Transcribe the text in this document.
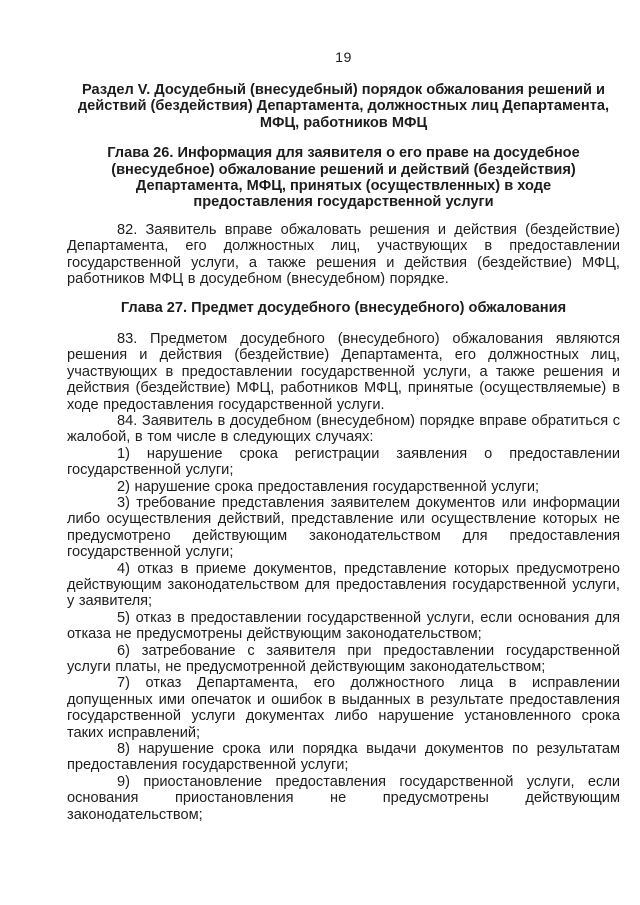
19

Раздел V. Досудебный (внесудебный) порядок обжалования решений и действий (бездействия) Департамента, должностных лиц Департамента, МФЦ, работников МФЦ

Глава 26. Информация для заявителя о его праве на досудебное (внесудебное) обжалование решений и действий (бездействия) Департамента, МФЦ, принятых (осуществленных) в ходе предоставления государственной услуги

82. Заявитель вправе обжаловать решения и действия (бездействие) Департамента, его должностных лиц, участвующих в предоставлении государственной услуги, а также решения и действия (бездействие) МФЦ, работников МФЦ в досудебном (внесудебном) порядке.

Глава 27. Предмет досудебного (внесудебного) обжалования

83. Предметом досудебного (внесудебного) обжалования являются решения и действия (бездействие) Департамента, его должностных лиц, участвующих в предоставлении государственной услуги, а также решения и действия (бездействие) МФЦ, работников МФЦ, принятые (осуществляемые) в ходе предоставления государственной услуги.

84. Заявитель в досудебном (внесудебном) порядке вправе обратиться с жалобой, в том числе в следующих случаях:

1) нарушение срока регистрации заявления о предоставлении государственной услуги;

2) нарушение срока предоставления государственной услуги;

3) требование представления заявителем документов или информации либо осуществления действий, представление или осуществление которых не предусмотрено действующим законодательством для предоставления государственной услуги;

4) отказ в приеме документов, представление которых предусмотрено действующим законодательством для предоставления государственной услуги, у заявителя;

5) отказ в предоставлении государственной услуги, если основания для отказа не предусмотрены действующим законодательством;

6) затребование с заявителя при предоставлении государственной услуги платы, не предусмотренной действующим законодательством;

7) отказ Департамента, его должностного лица в исправлении допущенных ими опечаток и ошибок в выданных в результате предоставления государственной услуги документах либо нарушение установленного срока таких исправлений;

8) нарушение срока или порядка выдачи документов по результатам предоставления государственной услуги;

9) приостановление предоставления государственной услуги, если основания приостановления не предусмотрены действующим законодательством;
